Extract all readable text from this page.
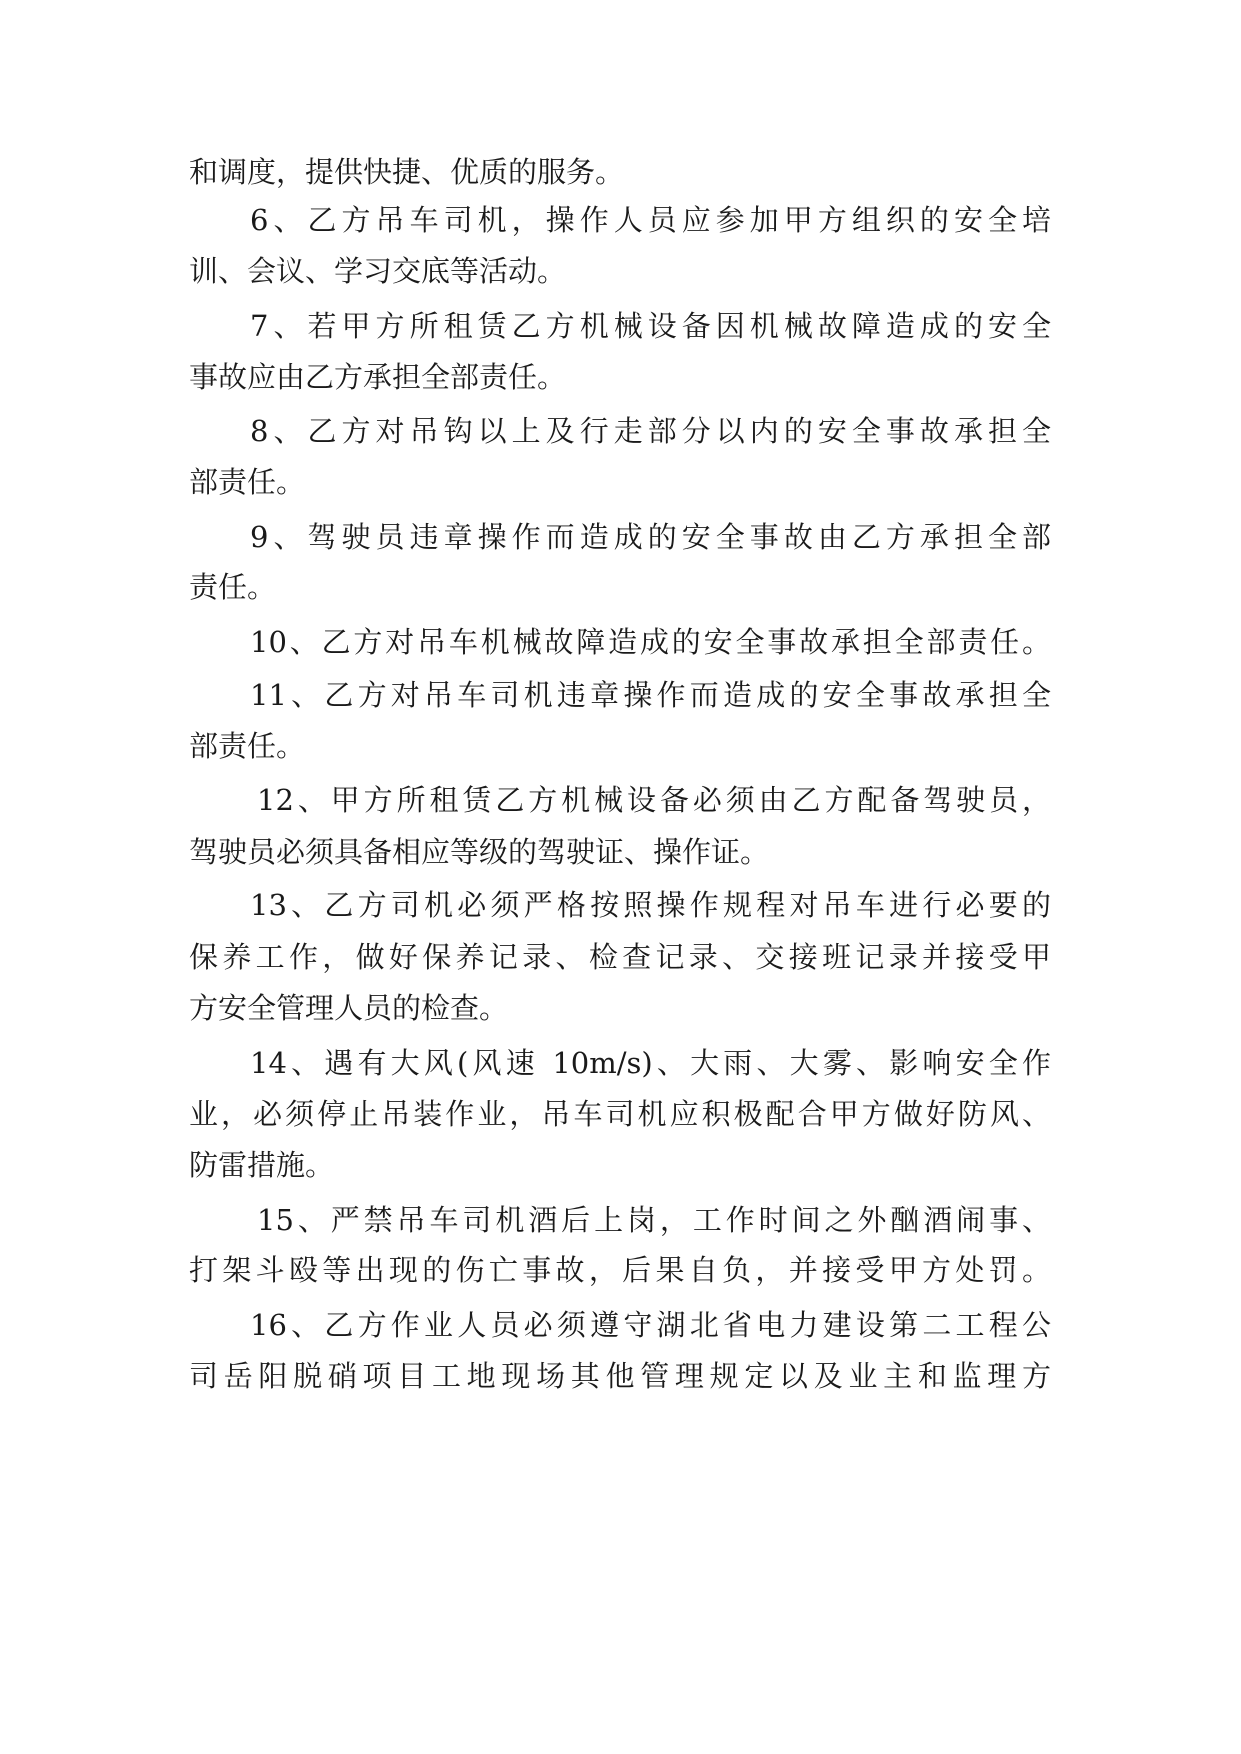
和调度，提供快捷、优质的服务。
6、乙方吊车司机，操作人员应参加甲方组织的安全培
训、会议、学习交底等活动。
7、若甲方所租赁乙方机械设备因机械故障造成的安全
事故应由乙方承担全部责任。
8、乙方对吊钩以上及行走部分以内的安全事故承担全
部责任。
9、驾驶员违章操作而造成的安全事故由乙方承担全部
责任。
10、乙方对吊车机械故障造成的安全事故承担全部责任。
11、乙方对吊车司机违章操作而造成的安全事故承担全
部责任。
12、甲方所租赁乙方机械设备必须由乙方配备驾驶员，
驾驶员必须具备相应等级的驾驶证、操作证。
13、乙方司机必须严格按照操作规程对吊车进行必要的
保养工作，做好保养记录、检查记录、交接班记录并接受甲
方安全管理人员的检查。
14、遇有大风(风速 10m/s)、大雨、大雾、影响安全作
业，必须停止吊装作业，吊车司机应积极配合甲方做好防风、
防雷措施。
15、严禁吊车司机酒后上岗，工作时间之外酗酒闹事、
打架斗殴等出现的伤亡事故，后果自负，并接受甲方处罚。
16、乙方作业人员必须遵守湖北省电力建设第二工程公
司岳阳脱硝项目工地现场其他管理规定以及业主和监理方
